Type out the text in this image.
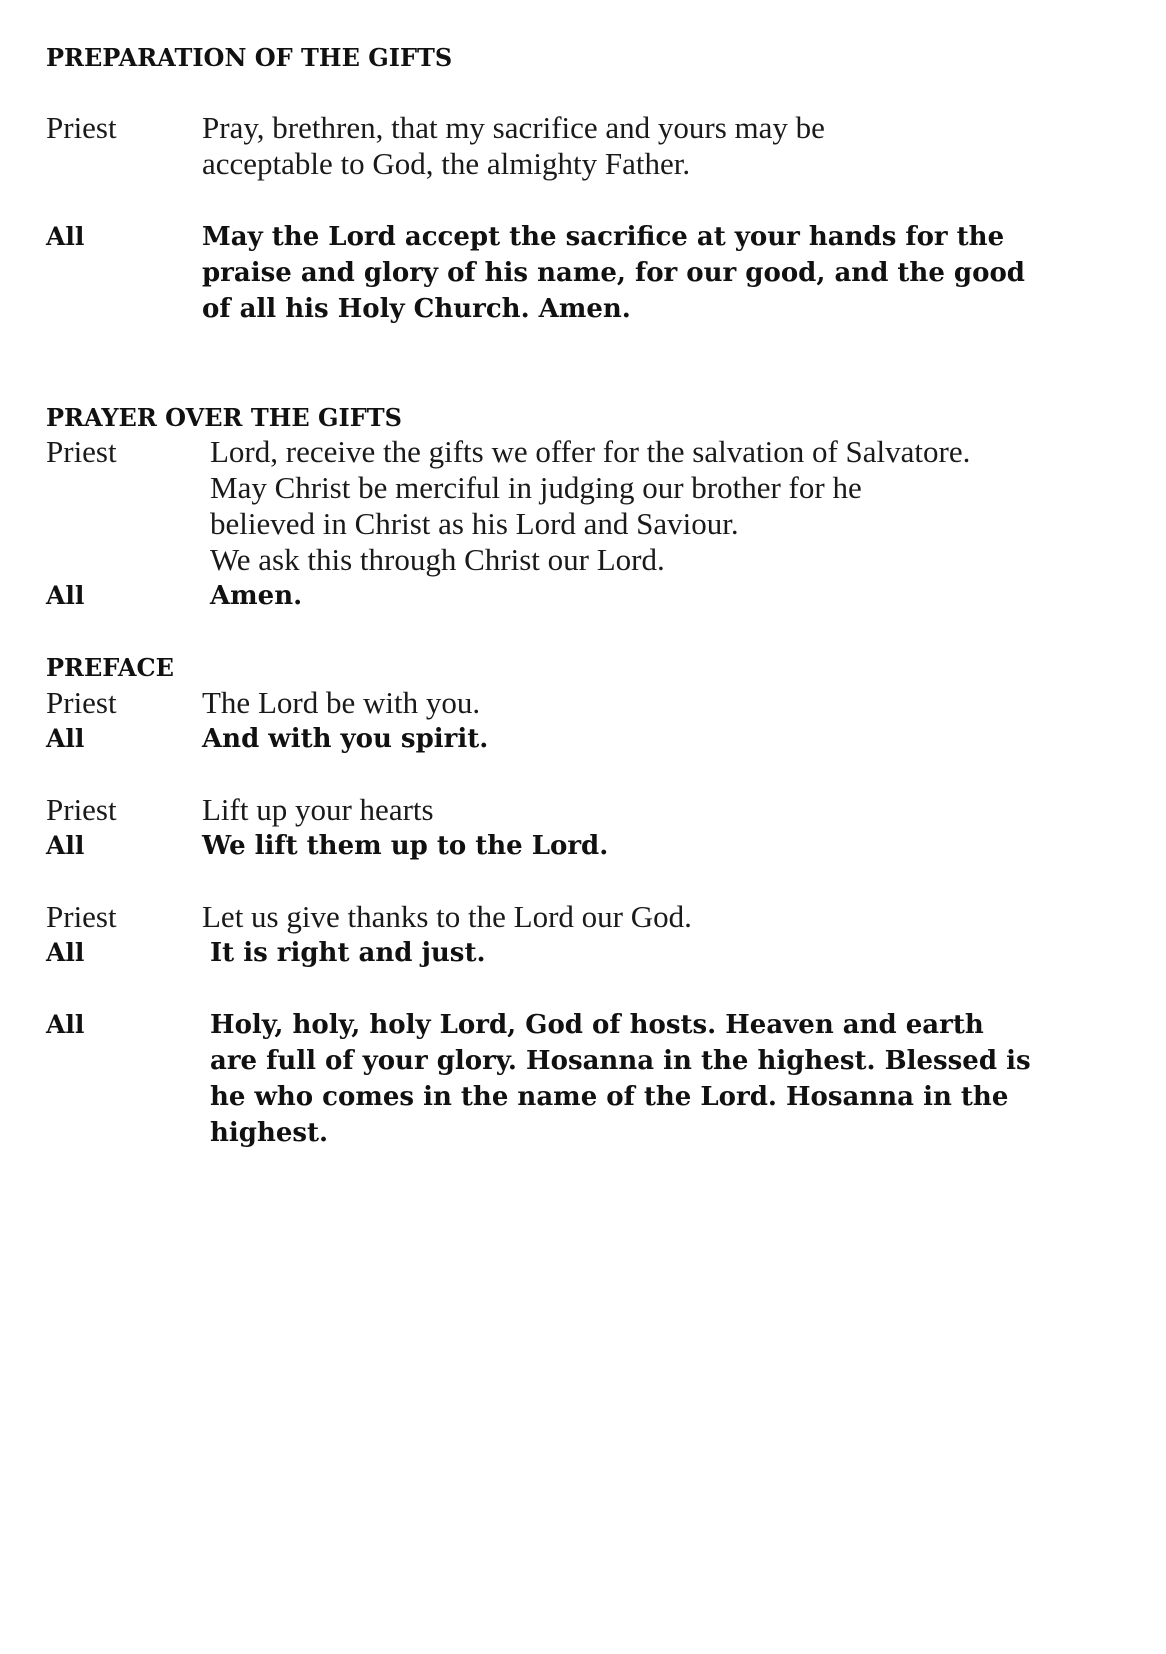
PREPARATION OF THE GIFTS
Priest	Pray, brethren, that my sacrifice and yours may be
acceptable to God, the almighty Father.
All	May the Lord accept the sacrifice at your hands for the
praise and glory of his name, for our good, and the good
of all his Holy Church. Amen.
PRAYER OVER THE GIFTS
Priest	Lord, receive the gifts we offer for the salvation of Salvatore.
May Christ be merciful in judging our brother for he
believed in Christ as his Lord and Saviour.
We ask this through Christ our Lord.
All	Amen.
PREFACE
Priest	The Lord be with you.
All	And with you spirit.
Priest	Lift up your hearts
All	We lift them up to the Lord.
Priest	Let us give thanks to the Lord our God.
All	It is right and just.
All	Holy, holy, holy Lord, God of hosts. Heaven and earth
are full of your glory. Hosanna in the highest. Blessed is
he who comes in the name of the Lord. Hosanna in the
highest.
